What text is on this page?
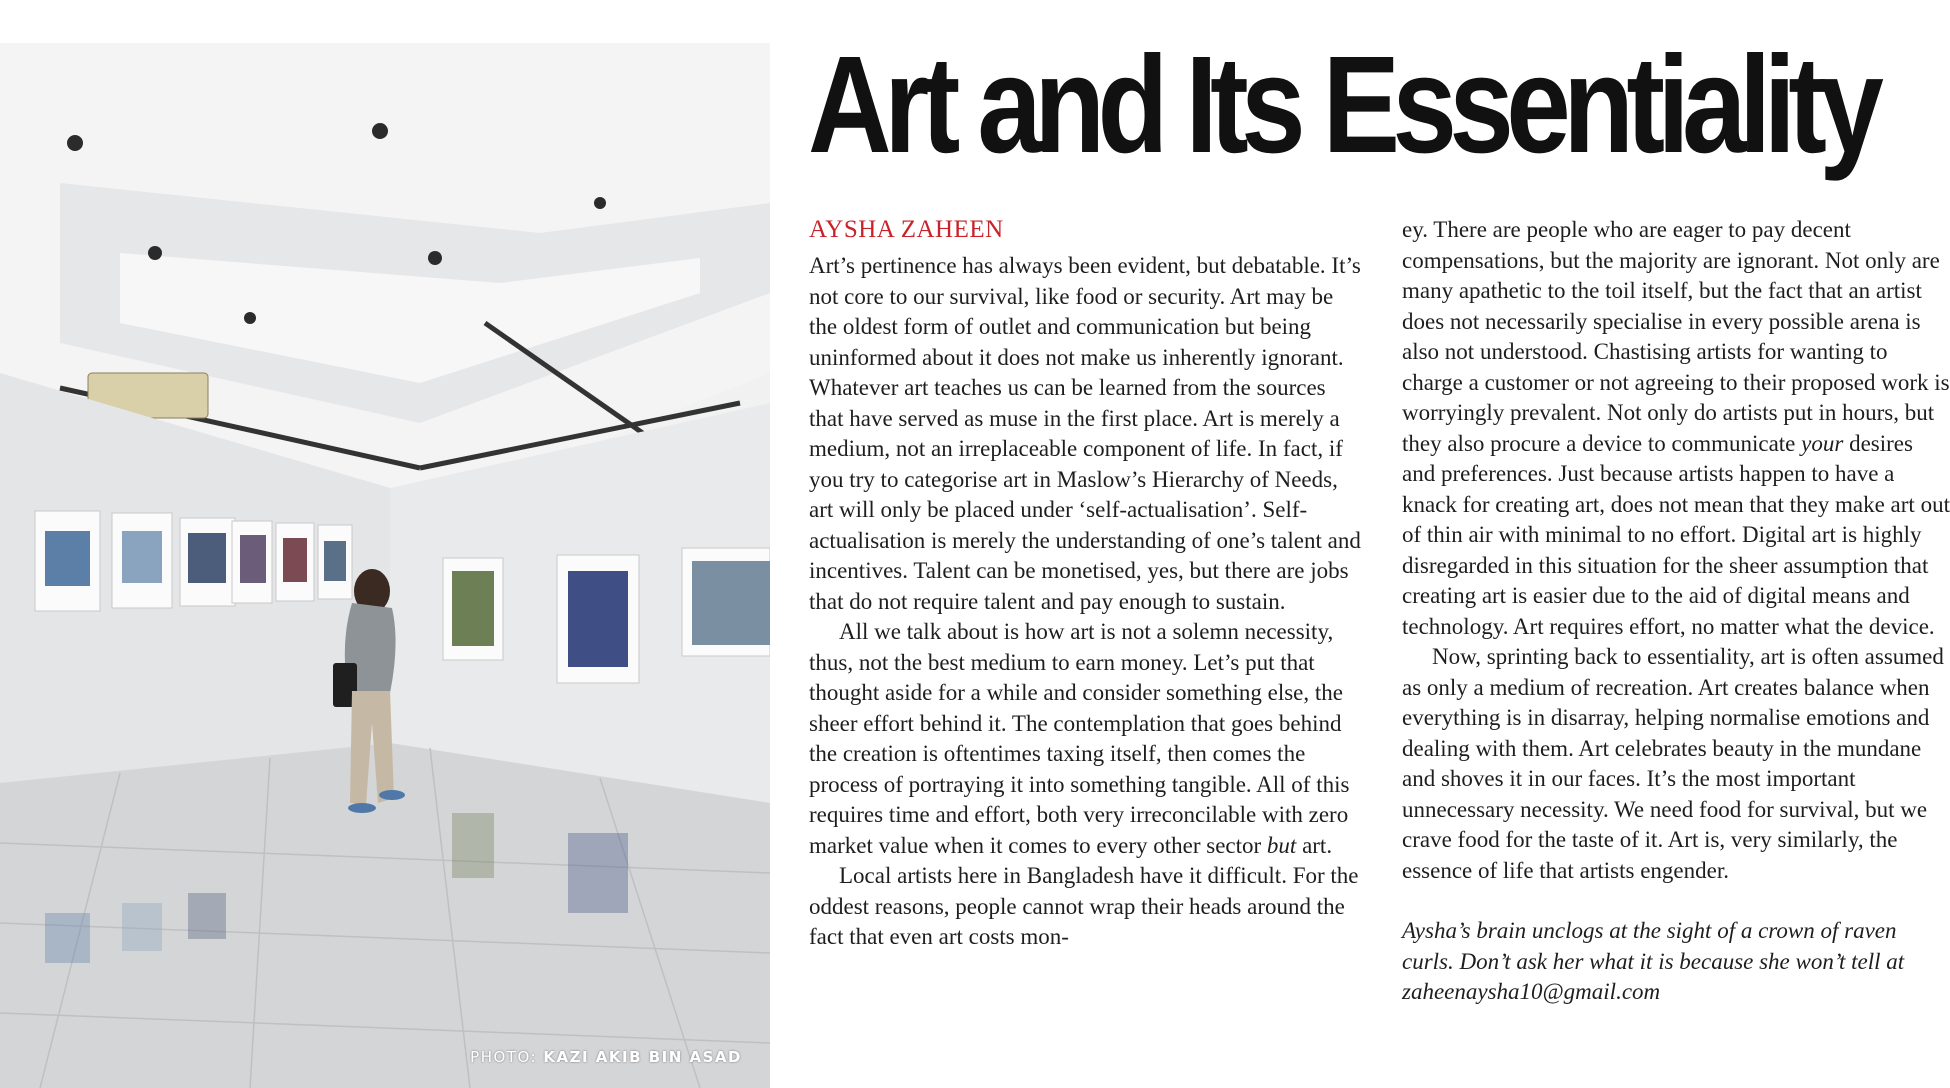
PHOTO: KAZI AKIB BIN ASAD
Art and Its Essentiality
AYSHA ZAHEEN

Art’s pertinence has always been evident, but debatable. It’s not core to our survival, like food or security. Art may be the oldest form of outlet and communication but being uninformed about it does not make us inherently ignorant. Whatever art teaches us can be learned from the sources that have served as muse in the first place. Art is merely a medium, not an irreplaceable component of life. In fact, if you try to categorise art in Maslow’s Hierarchy of Needs, art will only be placed under ‘self-actualisation’. Self-actualisation is merely the understanding of one’s talent and incentives. Talent can be monetised, yes, but there are jobs that do not require talent and pay enough to sustain.

All we talk about is how art is not a solemn necessity, thus, not the best medium to earn money. Let’s put that thought aside for a while and consider something else, the sheer effort behind it. The contemplation that goes behind the creation is oftentimes taxing itself, then comes the process of portraying it into something tangible. All of this requires time and effort, both very irreconcilable with zero market value when it comes to every other sector but art.

Local artists here in Bangladesh have it difficult. For the oddest reasons, people cannot wrap their heads around the fact that even art costs mon-

ey. There are people who are eager to pay decent compensations, but the majority are ignorant. Not only are many apathetic to the toil itself, but the fact that an artist does not necessarily specialise in every possible arena is also not understood. Chastising artists for wanting to charge a customer or not agreeing to their proposed work is worryingly prevalent. Not only do artists put in hours, but they also procure a device to communicate your desires and preferences. Just because artists happen to have a knack for creating art, does not mean that they make art out of thin air with minimal to no effort. Digital art is highly disregarded in this situation for the sheer assumption that creating art is easier due to the aid of digital means and technology. Art requires effort, no matter what the device.

Now, sprinting back to essentiality, art is often assumed as only a medium of recreation. Art creates balance when everything is in disarray, helping normalise emotions and dealing with them. Art celebrates beauty in the mundane and shoves it in our faces. It’s the most important unnecessary necessity. We need food for survival, but we crave food for the taste of it. Art is, very similarly, the essence of life that artists engender.

Aysha’s brain unclogs at the sight of a crown of raven curls. Don’t ask her what it is because she won’t tell at zaheenaysha10@gmail.com
